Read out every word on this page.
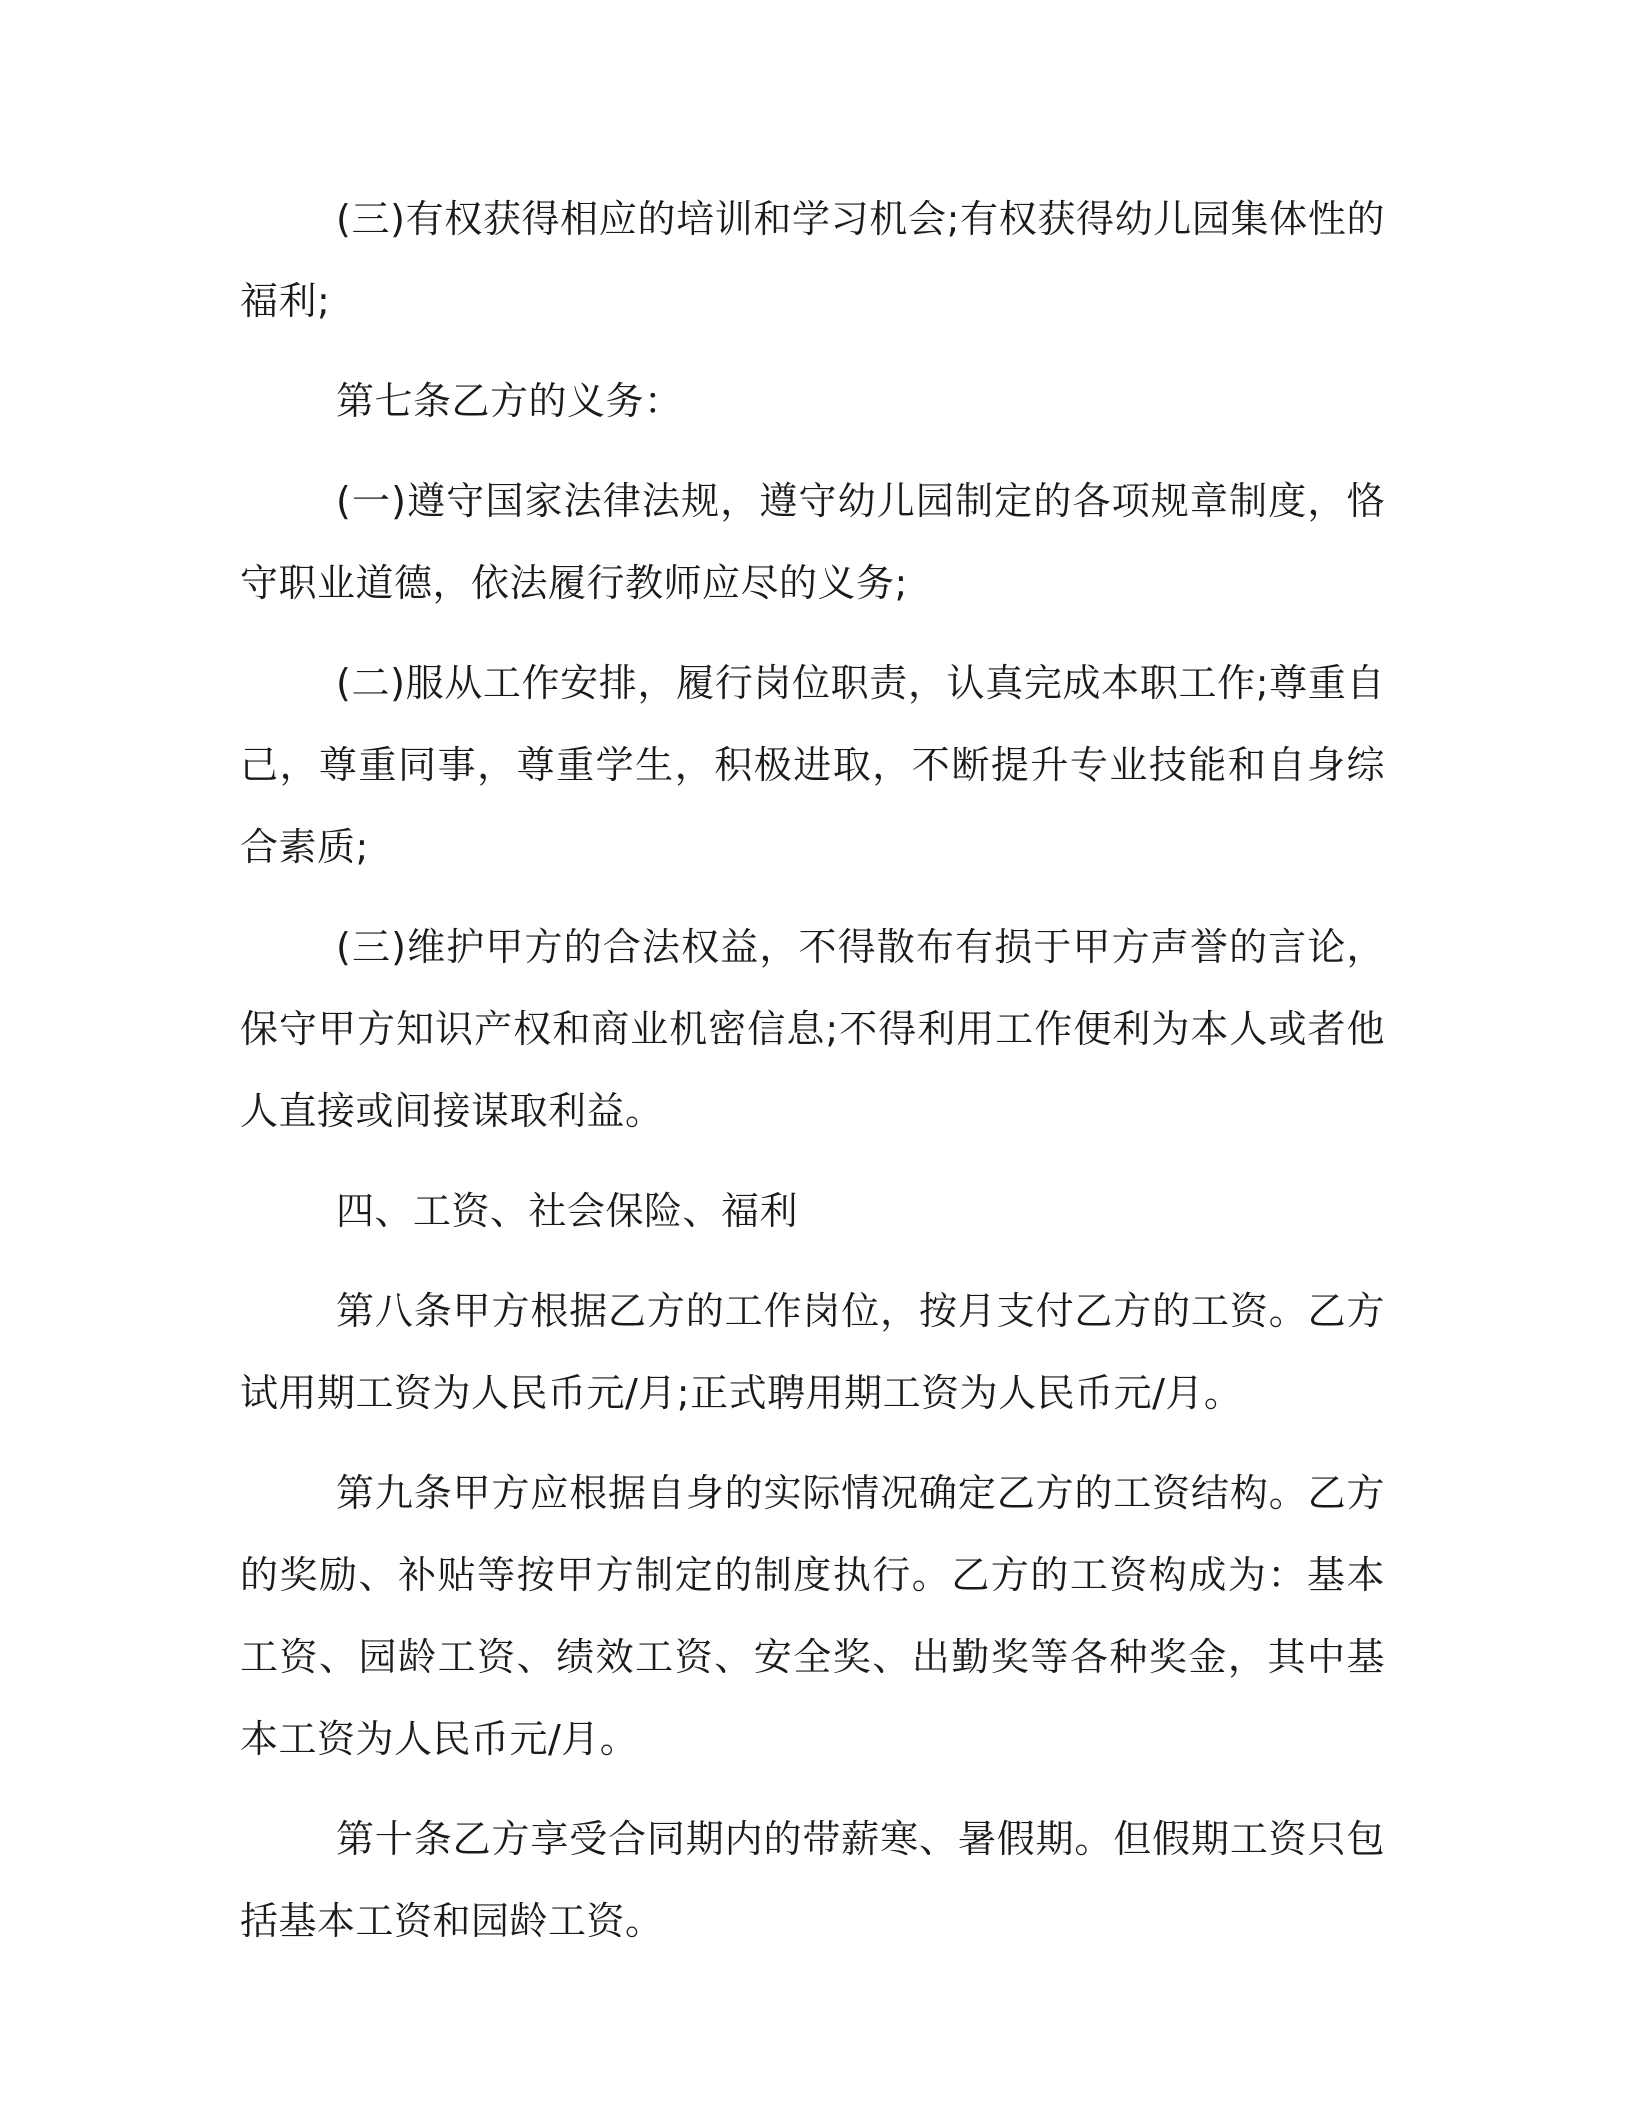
(三)有权获得相应的培训和学习机会;有权获得幼儿园集体性的福利;

第七条乙方的义务：

(一)遵守国家法律法规，遵守幼儿园制定的各项规章制度，恪守职业道德，依法履行教师应尽的义务;

(二)服从工作安排，履行岗位职责，认真完成本职工作;尊重自己，尊重同事，尊重学生，积极进取，不断提升专业技能和自身综合素质;

(三)维护甲方的合法权益，不得散布有损于甲方声誉的言论，保守甲方知识产权和商业机密信息;不得利用工作便利为本人或者他人直接或间接谋取利益。

四、工资、社会保险、福利

第八条甲方根据乙方的工作岗位，按月支付乙方的工资。乙方试用期工资为人民币元/月;正式聘用期工资为人民币元/月。

第九条甲方应根据自身的实际情况确定乙方的工资结构。乙方的奖励、补贴等按甲方制定的制度执行。乙方的工资构成为：基本工资、园龄工资、绩效工资、安全奖、出勤奖等各种奖金，其中基本工资为人民币元/月。

第十条乙方享受合同期内的带薪寒、暑假期。但假期工资只包括基本工资和园龄工资。
